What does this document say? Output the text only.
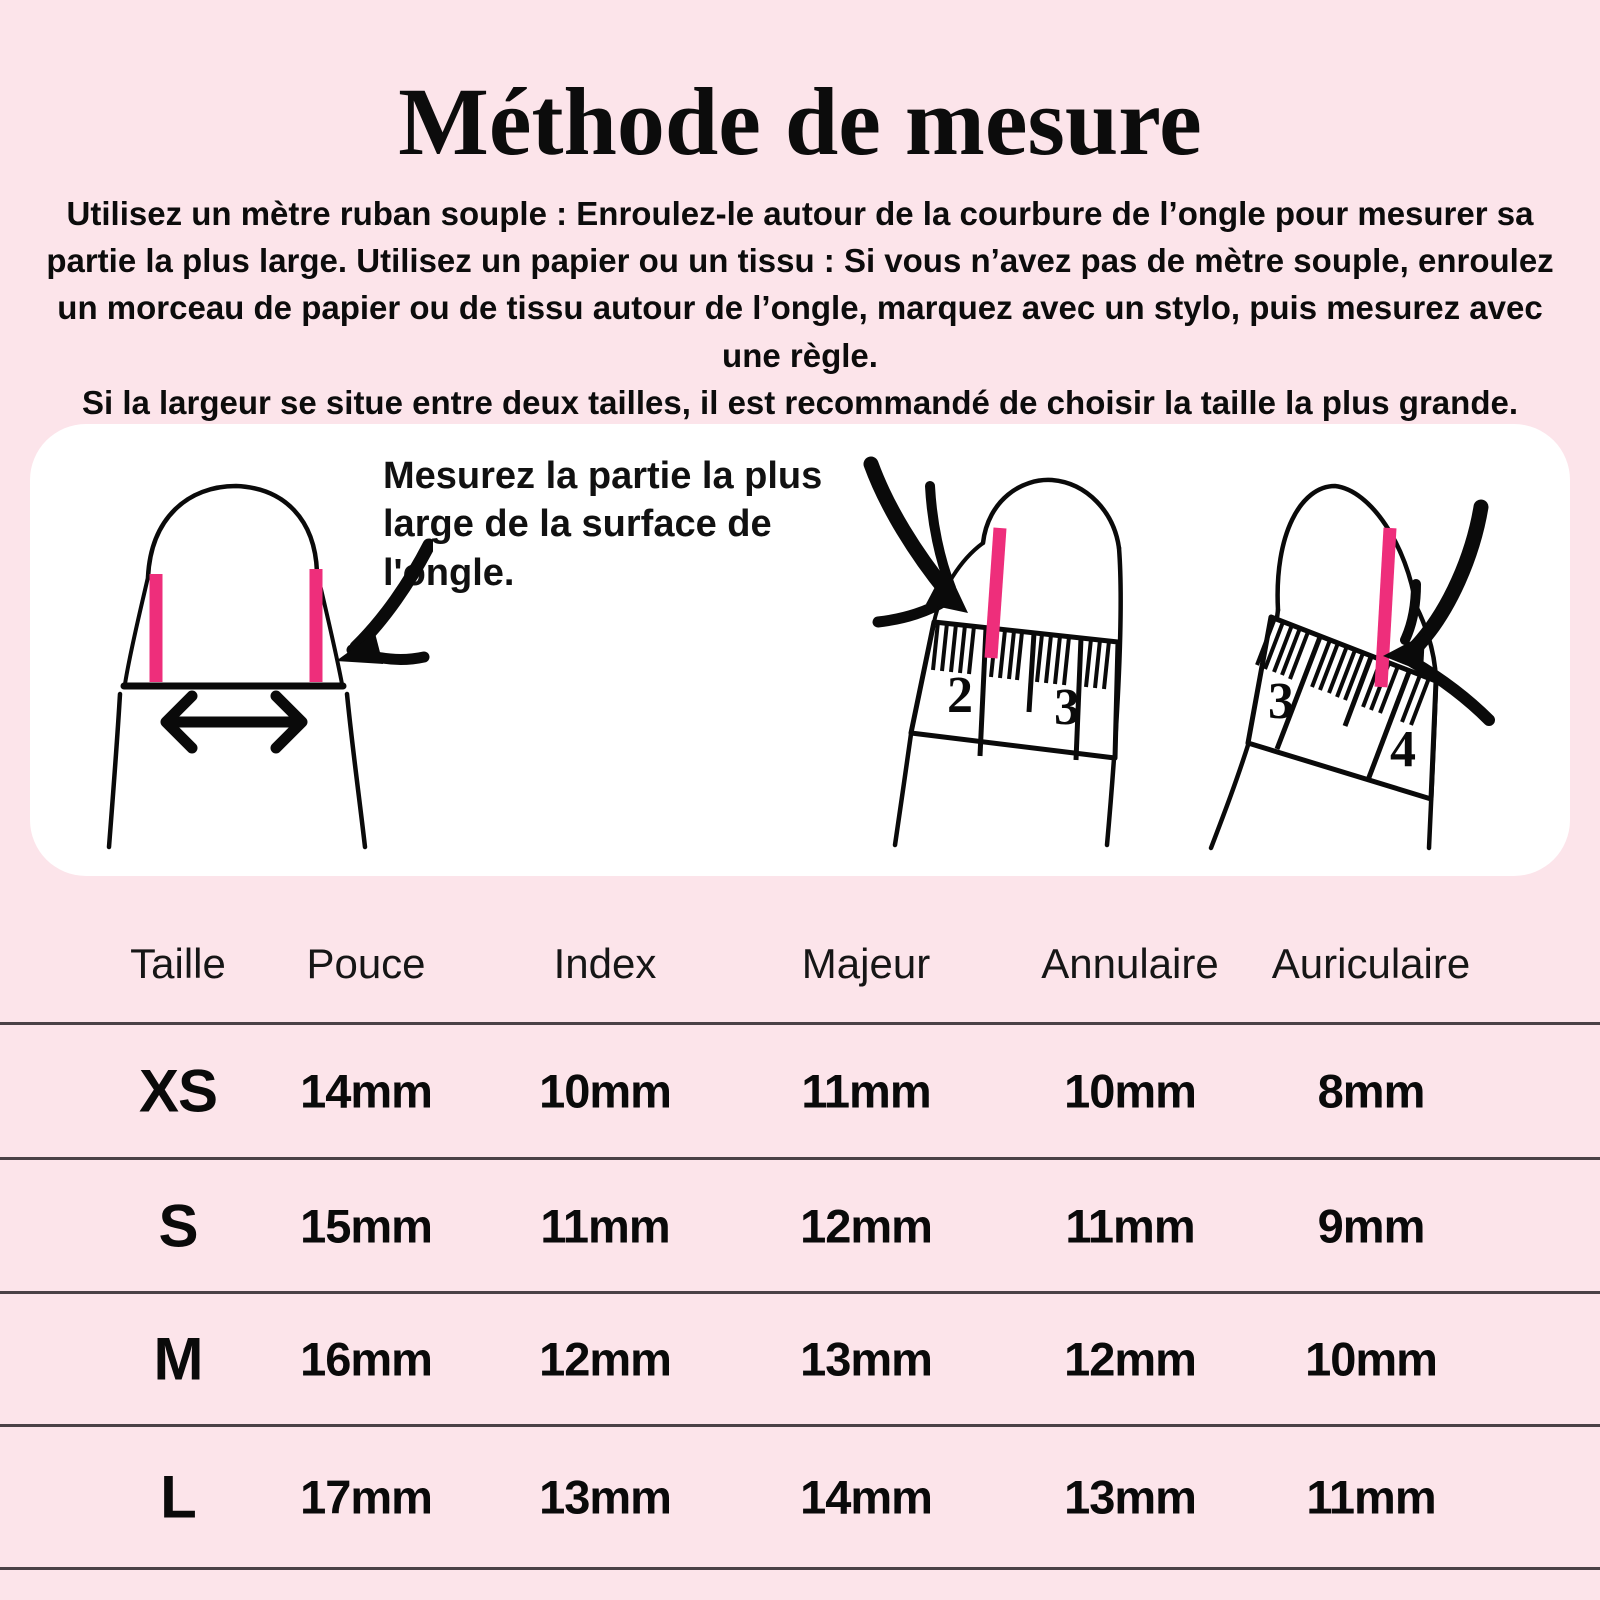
Méthode de mesure

Utilisez un mètre ruban souple : Enroulez-le autour de la courbure de l’ongle pour mesurer sa partie la plus large. Utilisez un papier ou un tissu : Si vous n’avez pas de mètre souple, enroulez un morceau de papier ou de tissu autour de l’ongle, marquez avec un stylo, puis mesurez avec une règle.

Si la largeur se situe entre deux tailles, il est recommandé de choisir la taille la plus grande.

Mesurez la partie la plus
large de la surface de l'ongle.
2 3	3
4
Taille Pouce	Index	Majeur	Annulaire Auriculaire
XS 14mm 10mm	11mm	10mm	8mm
S 15mm 11mm	12mm	11mm	9mm
M 16mm 12mm	13mm	12mm 10mm
L 17mm 13mm	14mm	13mm 11mm
